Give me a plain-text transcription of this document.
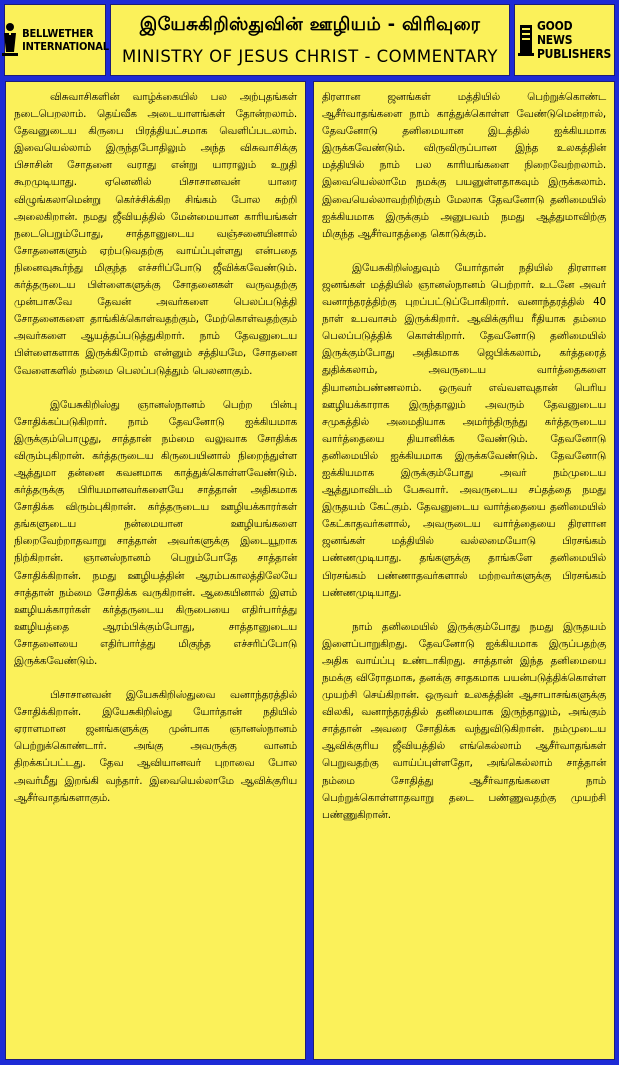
BELLWETHER
INTERNATIONAL
இயேசுகிறிஸ்துவின் ஊழியம் - விரிவுரை
MINISTRY OF JESUS CHRIST - COMMENTARY
GOOD NEWS
PUBLISHERS

விசுவாசிகளின் வாழ்க்கையில் பல அற்புதங்கள் நடைபெறலாம். தெய்வீக அடையாளங்கள் தோன்றலாம். தேவனுடைய கிருபை பிரத்தியட்சமாக வெளிப்படலாம். இவையெல்லாம் இருந்தபோதிலும் அந்த விசுவாசிக்கு பிசாசின் சோதனை வராது என்று யாராலும் உறுதி கூறமுடியாது. ஏனெனில் பிசாசானவன் யாரை விழுங்கலாமென்று கெர்ச்சிக்கிற சிங்கம் போல சுற்றி அலைகிறான். நமது ஜீவியத்தில் மேன்மையான காரியங்கள் நடைபெறும்போது, சாத்தானுடைய வஞ்சனையினால் சோதனைகளும் ஏற்படுவதற்கு வாய்ப்புள்ளது என்பதை நினைவுகூர்ந்து மிகுந்த எச்சரிப்போடு ஜீவிக்கவேண்டும். கர்த்தருடைய பிள்ளைகளுக்கு சோதனைகள் வருவதற்கு முன்பாகவே தேவன் அவர்களை பெலப்படுத்தி சோதனைகளை தாங்கிக்கொள்வதற்கும், மேற்கொள்வதற்கும் அவர்களை ஆயத்தப்படுத்துகிறார். நாம் தேவனுடைய பிள்ளைகளாக இருக்கிறோம் என்னும் சத்தியமே, சோதனை வேளைகளில் நம்மை பெலப்படுத்தும் பெலனாகும்.

இயேசுகிறிஸ்து ஞானஸ்நானம் பெற்ற பின்பு சோதிக்கப்படுகிறார். நாம் தேவனோடு ஐக்கியமாக இருக்கும்பொழுது, சாத்தான் நம்மை வலுவாக சோதிக்க விரும்புகிறான். கர்த்தருடைய கிருபையினால் நிறைந்துள்ள ஆத்துமா தன்னை கவனமாக காத்துக்கொள்ளவேண்டும். கர்த்தருக்கு பிரியமானவர்களையே சாத்தான் அதிகமாக சோதிக்க விரும்புகிறான். கர்த்தருடைய ஊழியக்காரர்கள் தங்களுடைய நன்மையான ஊழியங்களை நிறைவேற்றாதவாறு சாத்தான் அவர்களுக்கு இடையூறாக நிற்கிறான். ஞானஸ்நானம் பெறும்போதே சாத்தான் சோதிக்கிறான். நமது ஊழியத்தின் ஆரம்பகாலத்திலேயே சாத்தான் நம்மை சோதிக்க வருகிறான். ஆகையினால் இளம் ஊழியக்காரர்கள் கர்த்தருடைய கிருபையை எதிர்பார்த்து ஊழியத்தை ஆரம்பிக்கும்போது, சாத்தானுடைய சோதனையை எதிர்பார்த்து மிகுந்த எச்சரிப்போடு இருக்கவேண்டும்.

பிசாசானவன் இயேசுகிறிஸ்துவை வனாந்தரத்தில் சோதிக்கிறான். இயேசுகிறிஸ்து யோர்தான் நதியில் ஏராளமான ஜனங்களுக்கு முன்பாக ஞானஸ்நானம் பெற்றுக்கொண்டார். அங்கு அவருக்கு வானம் திறக்கப்பட்டது. தேவ ஆவியானவர் புறாவை போல அவர்மீது இறங்கி வந்தார். இவையெல்லாமே ஆவிக்குரிய ஆசீர்வாதங்களாகும்.

திரளான ஜனங்கள் மத்தியில் பெற்றுக்கொண்ட ஆசீர்வாதங்களை நாம் காத்துக்கொள்ள வேண்டுமென்றால், தேவனோடு தனிமையான இடத்தில் ஐக்கியமாக இருக்கவேண்டும். விருவிருப்பான இந்த உலகத்தின் மத்தியில் நாம் பல காரியங்களை நிறைவேற்றலாம். இவையெல்லாமே நமக்கு பயனுள்ளதாகவும் இருக்கலாம். இவையெல்லாவற்றிற்கும் மேலாக தேவனோடு தனிமையில் ஐக்கியமாக இருக்கும் அனுபவம் நமது ஆத்துமாவிற்கு மிகுந்த ஆசீர்வாதத்தை கொடுக்கும்.

இயேசுகிறிஸ்துவும் யோர்தான் நதியில் திரளான ஜனங்கள் மத்தியில் ஞானஸ்நானம் பெற்றார். உடனே அவர் வனாந்தரத்திற்கு புறப்பட்டுப்போகிறார். வனாந்தரத்தில் 40 நாள் உபவாசம் இருக்கிறார். ஆவிக்குரிய ரீதியாக தம்மை பெலப்படுத்திக் கொள்கிறார். தேவனோடு தனிமையில் இருக்கும்போது அதிகமாக ஜெபிக்கலாம், கர்த்தரைத் துதிக்கலாம், அவருடைய வார்த்தைகளை தியானம்பண்ணலாம். ஒருவர் எவ்வளவுதான் பெரிய ஊழியக்காராக இருந்தாலும் அவரும் தேவனுடைய சமுகத்தில் அமைதியாக அமர்ந்திருந்து கர்த்தருடைய வார்த்தையை தியானிக்க வேண்டும். தேவனோடு தனிமையில் ஐக்கியமாக இருக்கவேண்டும். தேவனோடு ஐக்கியமாக இருக்கும்போது அவர் நம்முடைய ஆத்துமாவிடம் பேசுவார். அவருடைய சப்தத்தை நமது இருதயம் கேட்கும். தேவனுடைய வார்த்தையை தனிமையில் கேட்காதவர்களால், அவருடைய வார்த்தையை திரளான ஜனங்கள் மத்தியில் வல்லமையோடு பிரசங்கம் பண்ணமுடியாது. தங்களுக்கு தாங்களே தனிமையில் பிரசங்கம் பண்ணாதவர்களால் மற்றவர்களுக்கு பிரசங்கம் பண்ணமுடியாது.

நாம் தனிமையில் இருக்கும்போது நமது இருதயம் இளைப்பாறுகிறது. தேவனோடு ஐக்கியமாக இருப்பதற்கு அதிக வாய்ப்பு உண்டாகிறது. சாத்தான் இந்த தனிமையை நமக்கு விரோதமாக, தனக்கு சாதகமாக பயன்படுத்திக்கொள்ள முயற்சி செய்கிறான். ஒருவர் உலகத்தின் ஆசாபாசங்களுக்கு விலகி, வனாந்தரத்தில் தனிமையாக இருந்தாலும், அங்கும் சாத்தான் அவரை சோதிக்க வந்துவிடுகிறான். நம்முடைய ஆவிக்குரிய ஜீவியத்தில் எங்கெல்லாம் ஆசீர்வாதங்கள் பெறுவதற்கு வாய்ப்புள்ளதோ, அங்கெல்லாம் சாத்தான் நம்மை சோதித்து ஆசீர்வாதங்களை நாம் பெற்றுக்கொள்ளாதவாறு தடை பண்ணுவதற்கு முயற்சி பண்ணுகிறான்.
